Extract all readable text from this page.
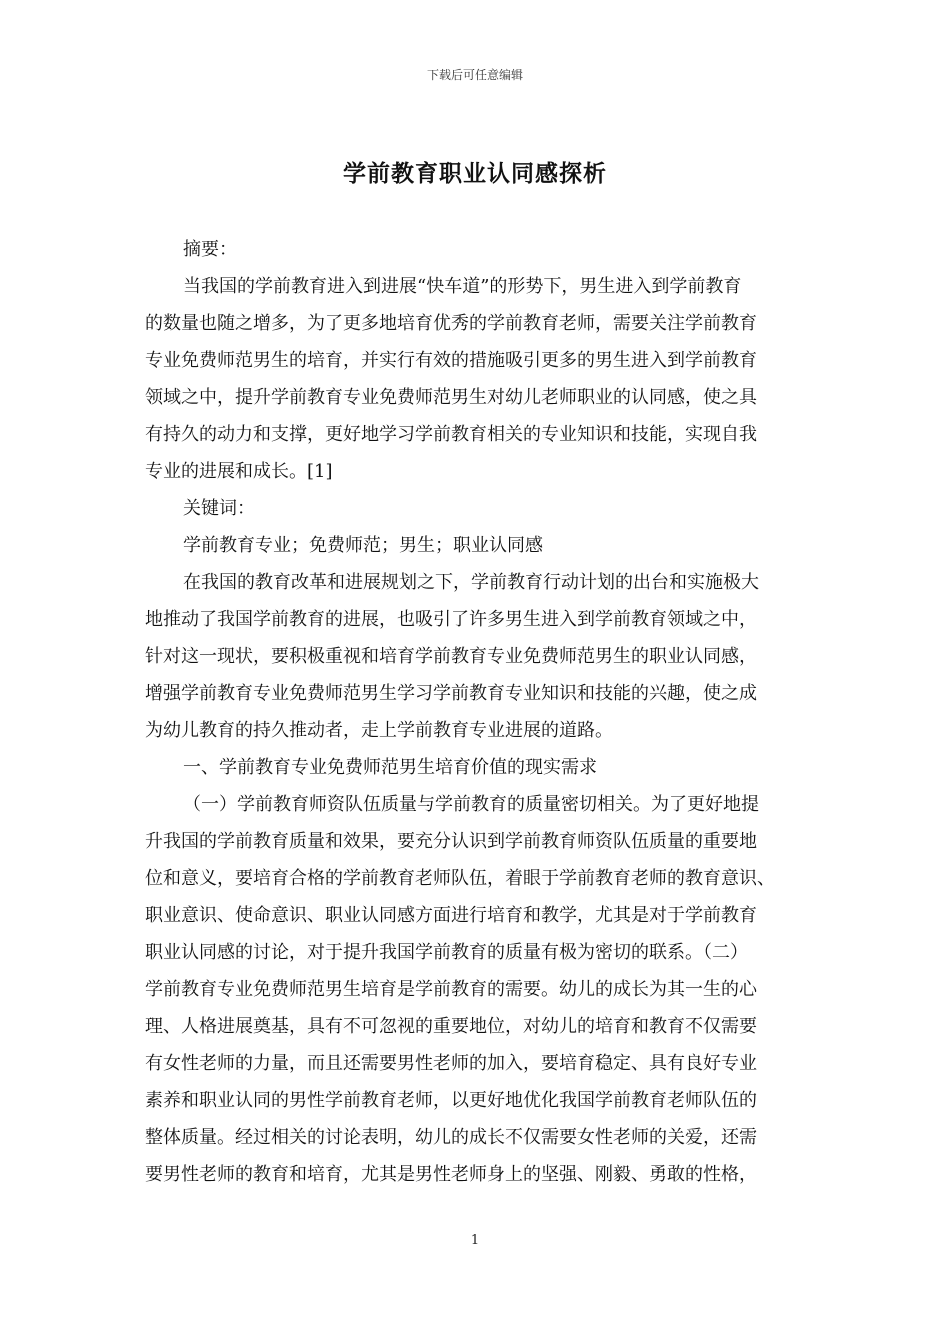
下载后可任意编辑
学前教育职业认同感探析
摘要：
当我国的学前教育进入到进展“快车道”的形势下，男生进入到学前教育
的数量也随之增多，为了更多地培育优秀的学前教育老师，需要关注学前教育
专业免费师范男生的培育，并实行有效的措施吸引更多的男生进入到学前教育
领域之中，提升学前教育专业免费师范男生对幼儿老师职业的认同感，使之具
有持久的动力和支撑，更好地学习学前教育相关的专业知识和技能，实现自我
专业的进展和成长。[1]
关键词：
学前教育专业；免费师范；男生；职业认同感
在我国的教育改革和进展规划之下，学前教育行动计划的出台和实施极大
地推动了我国学前教育的进展，也吸引了许多男生进入到学前教育领域之中，
针对这一现状，要积极重视和培育学前教育专业免费师范男生的职业认同感，
增强学前教育专业免费师范男生学习学前教育专业知识和技能的兴趣，使之成
为幼儿教育的持久推动者，走上学前教育专业进展的道路。
一、学前教育专业免费师范男生培育价值的现实需求
（一）学前教育师资队伍质量与学前教育的质量密切相关。为了更好地提
升我国的学前教育质量和效果，要充分认识到学前教育师资队伍质量的重要地
位和意义，要培育合格的学前教育老师队伍，着眼于学前教育老师的教育意识、
职业意识、使命意识、职业认同感方面进行培育和教学，尤其是对于学前教育
职业认同感的讨论，对于提升我国学前教育的质量有极为密切的联系。（二）
学前教育专业免费师范男生培育是学前教育的需要。幼儿的成长为其一生的心
理、人格进展奠基，具有不可忽视的重要地位，对幼儿的培育和教育不仅需要
有女性老师的力量，而且还需要男性老师的加入，要培育稳定、具有良好专业
素养和职业认同的男性学前教育老师，以更好地优化我国学前教育老师队伍的
整体质量。经过相关的讨论表明，幼儿的成长不仅需要女性老师的关爱，还需
要男性老师的教育和培育，尤其是男性老师身上的坚强、刚毅、勇敢的性格，
1
